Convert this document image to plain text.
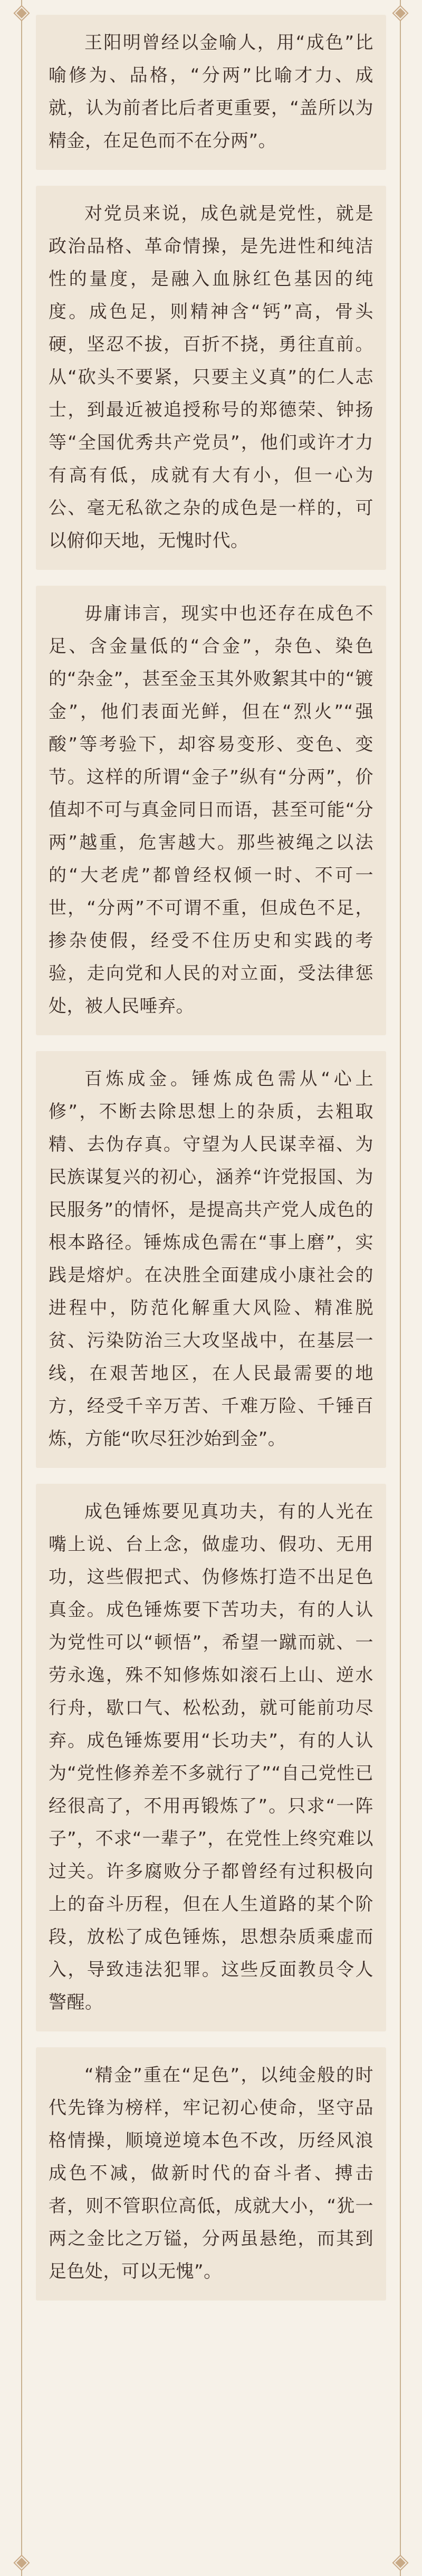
王阳明曾经以金喻人，用“成色”比喻修为、品格，“分两”比喻才力、成就，认为前者比后者更重要，“盖所以为精金，在足色而不在分两”。

对党员来说，成色就是党性，就是政治品格、革命情操，是先进性和纯洁性的量度，是融入血脉红色基因的纯度。成色足，则精神含“钙”高，骨头硬，坚忍不拔，百折不挠，勇往直前。从“砍头不要紧，只要主义真”的仁人志士，到最近被追授称号的郑德荣、钟扬等“全国优秀共产党员”，他们或许才力有高有低，成就有大有小，但一心为公、毫无私欲之杂的成色是一样的，可以俯仰天地，无愧时代。

毋庸讳言，现实中也还存在成色不足、含金量低的“合金”，杂色、染色的“杂金”，甚至金玉其外败絮其中的“镀金”，他们表面光鲜，但在“烈火”“强酸”等考验下，却容易变形、变色、变节。这样的所谓“金子”纵有“分两”，价值却不可与真金同日而语，甚至可能“分两”越重，危害越大。那些被绳之以法的“大老虎”都曾经权倾一时、不可一世，“分两”不可谓不重，但成色不足，掺杂使假，经受不住历史和实践的考验，走向党和人民的对立面，受法律惩处，被人民唾弃。

百炼成金。锤炼成色需从“心上修”，不断去除思想上的杂质，去粗取精、去伪存真。守望为人民谋幸福、为民族谋复兴的初心，涵养“许党报国、为民服务”的情怀，是提高共产党人成色的根本路径。锤炼成色需在“事上磨”，实践是熔炉。在决胜全面建成小康社会的进程中，防范化解重大风险、精准脱贫、污染防治三大攻坚战中，在基层一线，在艰苦地区，在人民最需要的地方，经受千辛万苦、千难万险、千锤百炼，方能“吹尽狂沙始到金”。

成色锤炼要见真功夫，有的人光在嘴上说、台上念，做虚功、假功、无用功，这些假把式、伪修炼打造不出足色真金。成色锤炼要下苦功夫，有的人认为党性可以“顿悟”，希望一蹴而就、一劳永逸，殊不知修炼如滚石上山、逆水行舟，歇口气、松松劲，就可能前功尽弃。成色锤炼要用“长功夫”，有的人认为“党性修养差不多就行了”“自己党性已经很高了，不用再锻炼了”。只求“一阵子”，不求“一辈子”，在党性上终究难以过关。许多腐败分子都曾经有过积极向上的奋斗历程，但在人生道路的某个阶段，放松了成色锤炼，思想杂质乘虚而入，导致违法犯罪。这些反面教员令人警醒。

“精金”重在“足色”，以纯金般的时代先锋为榜样，牢记初心使命，坚守品格情操，顺境逆境本色不改，历经风浪成色不减，做新时代的奋斗者、搏击者，则不管职位高低，成就大小，“犹一两之金比之万镒，分两虽悬绝，而其到足色处，可以无愧”。
